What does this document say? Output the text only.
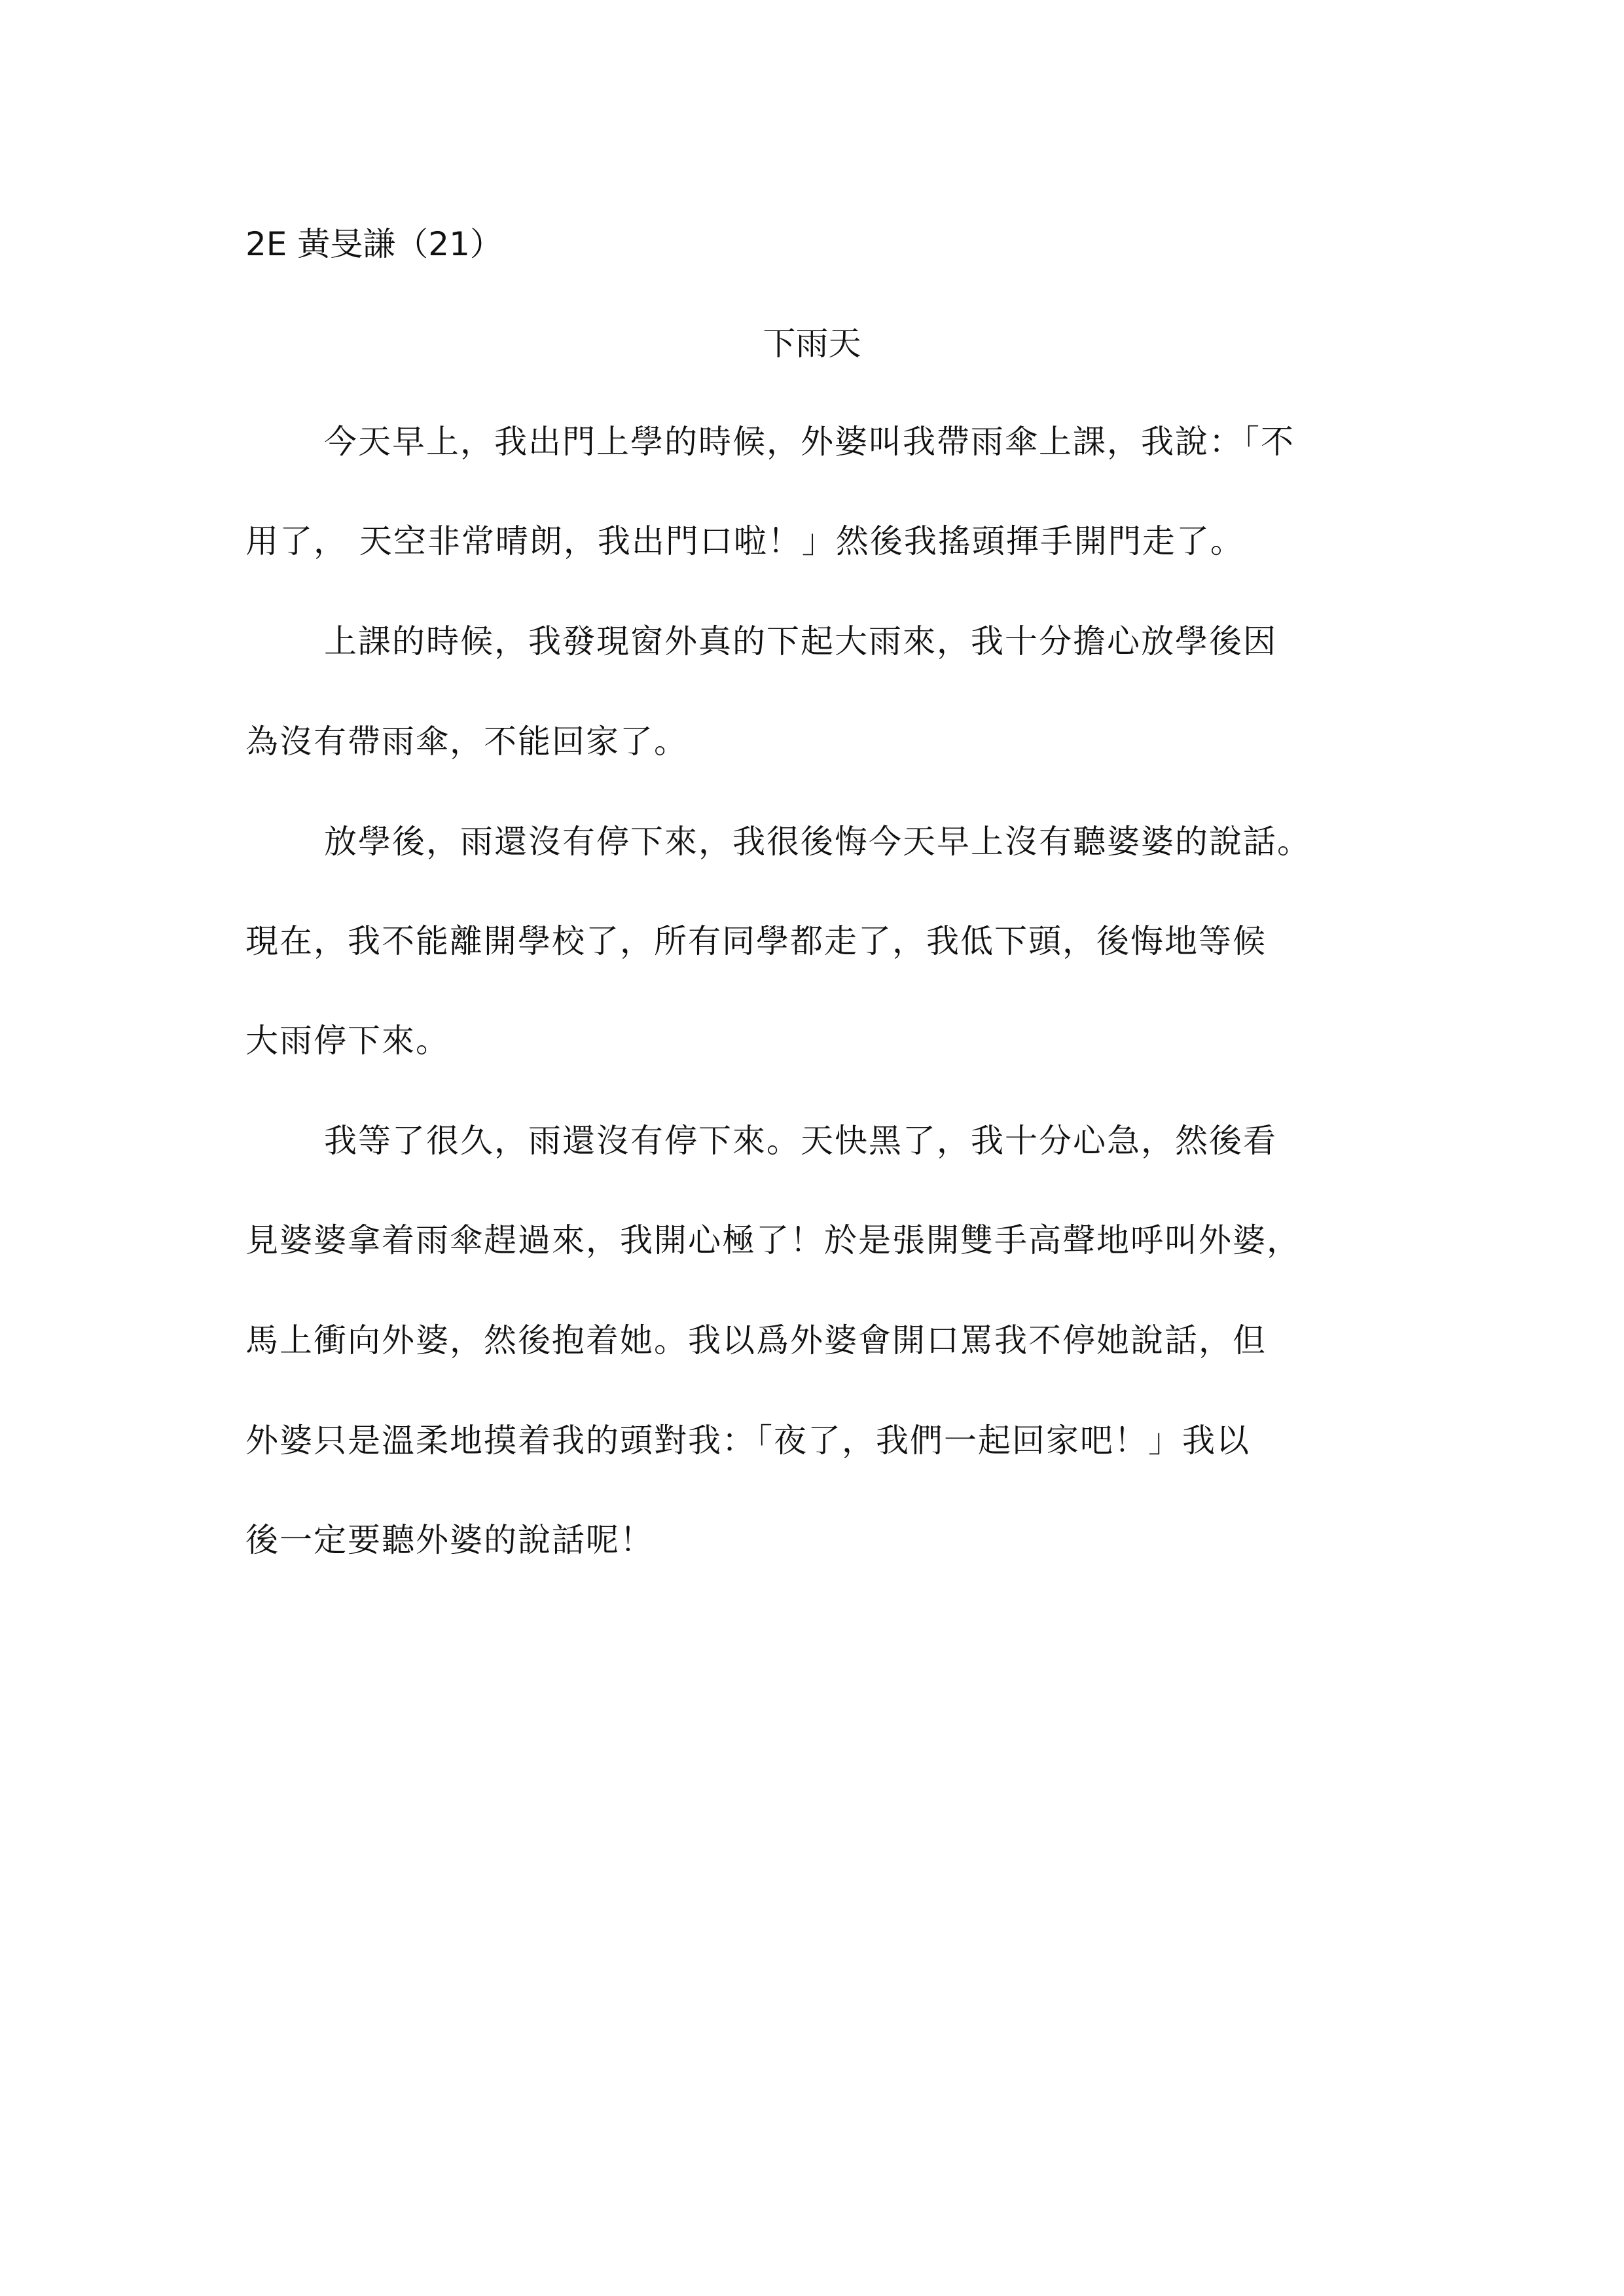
2E 黃旻謙（21）
下雨天
今天早上，我出門上學的時候，外婆叫我帶雨傘上課，我說：「不
用了， 天空非常晴朗，我出門口啦！」然後我搖頭揮手開門走了。
上課的時候，我發現窗外真的下起大雨來，我十分擔心放學後因
為沒有帶雨傘，不能回家了。
放學後，雨還沒有停下來，我很後悔今天早上沒有聽婆婆的說話。
現在，我不能離開學校了，所有同學都走了，我低下頭，後悔地等候
大雨停下來。
我等了很久，雨還沒有停下來。天快黑了，我十分心急，然後看
見婆婆拿着雨傘趕過來，我開心極了！於是張開雙手高聲地呼叫外婆，
馬上衝向外婆，然後抱着她。我以爲外婆會開口罵我不停她說話，但
外婆只是溫柔地摸着我的頭對我：「夜了，我們一起回家吧！」我以
後一定要聽外婆的說話呢！
